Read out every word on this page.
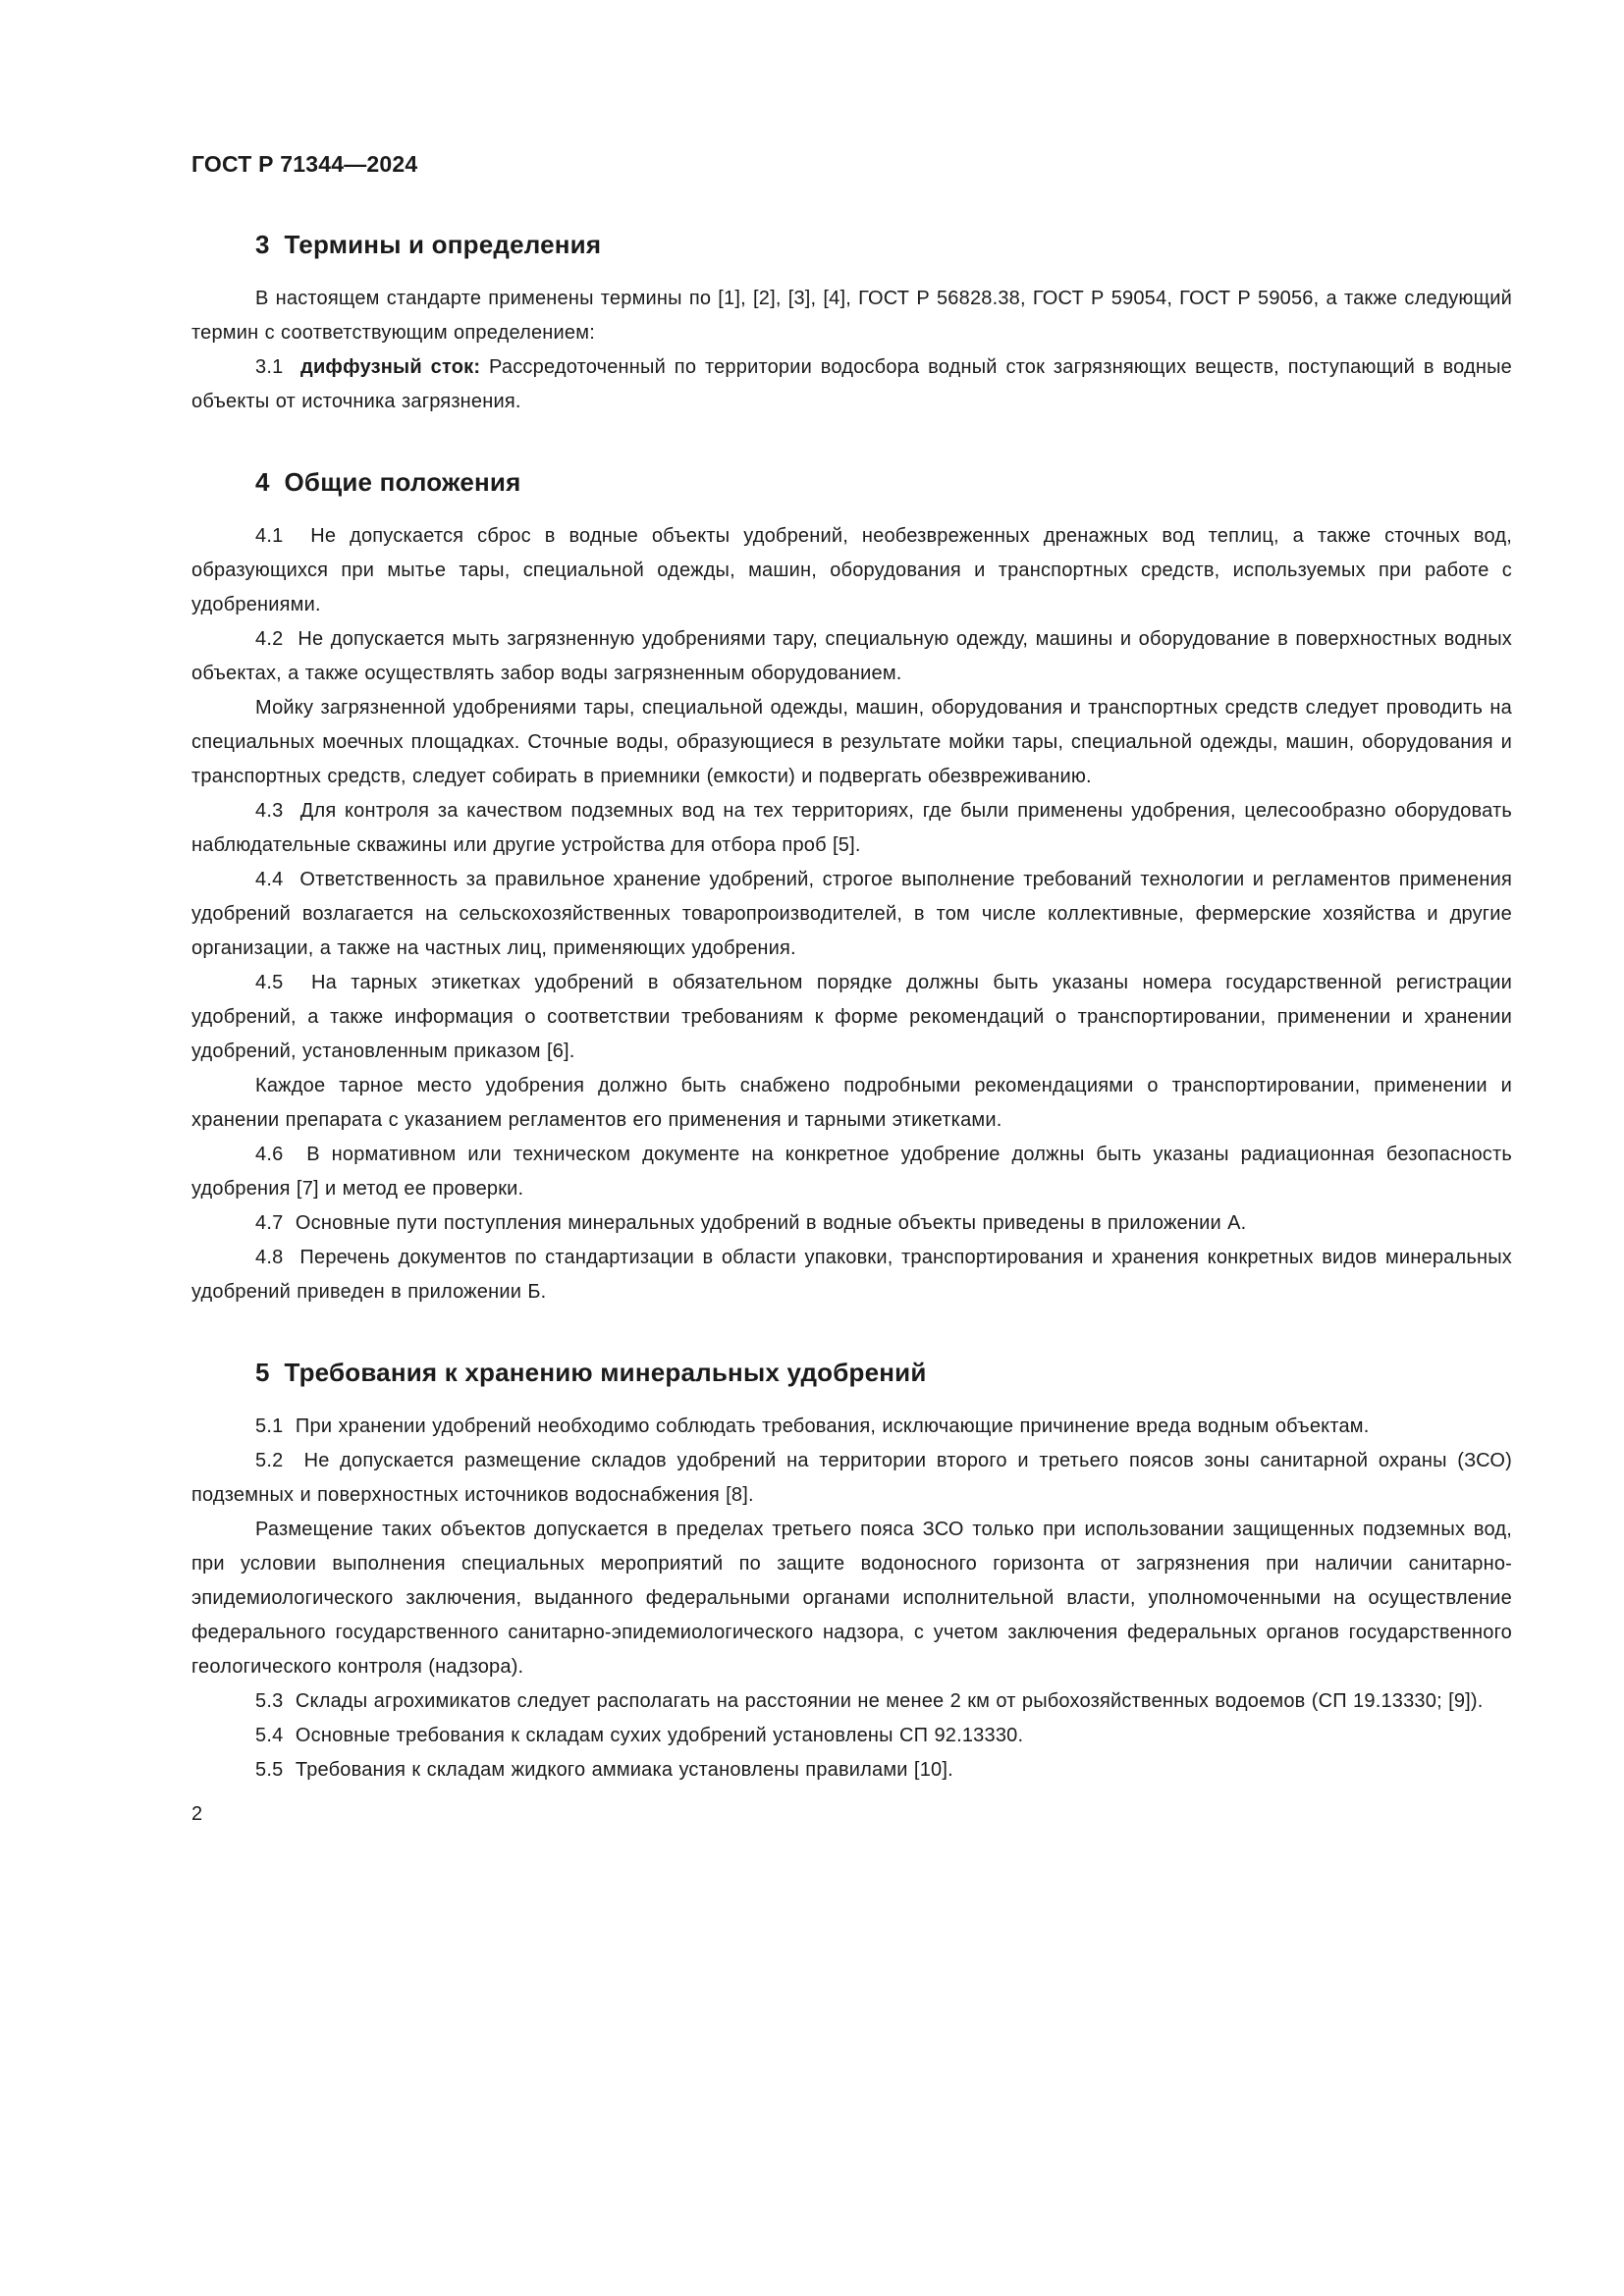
ГОСТ Р 71344—2024
3  Термины и определения

В настоящем стандарте применены термины по [1], [2], [3], [4], ГОСТ Р 56828.38, ГОСТ Р 59054, ГОСТ Р 59056, а также следующий термин с соответствующим определением:

3.1  диффузный сток: Рассредоточенный по территории водосбора водный сток загрязняющих веществ, поступающий в водные объекты от источника загрязнения.

4  Общие положения

4.1  Не допускается сброс в водные объекты удобрений, необезвреженных дренажных вод теплиц, а также сточных вод, образующихся при мытье тары, специальной одежды, машин, оборудования и транспортных средств, используемых при работе с удобрениями.

4.2  Не допускается мыть загрязненную удобрениями тару, специальную одежду, машины и оборудование в поверхностных водных объектах, а также осуществлять забор воды загрязненным оборудованием.

Мойку загрязненной удобрениями тары, специальной одежды, машин, оборудования и транспортных средств следует проводить на специальных моечных площадках. Сточные воды, образующиеся в результате мойки тары, специальной одежды, машин, оборудования и транспортных средств, следует собирать в приемники (емкости) и подвергать обезвреживанию.

4.3  Для контроля за качеством подземных вод на тех территориях, где были применены удобрения, целесообразно оборудовать наблюдательные скважины или другие устройства для отбора проб [5].

4.4  Ответственность за правильное хранение удобрений, строгое выполнение требований технологии и регламентов применения удобрений возлагается на сельскохозяйственных товаропроизводителей, в том числе коллективные, фермерские хозяйства и другие организации, а также на частных лиц, применяющих удобрения.

4.5  На тарных этикетках удобрений в обязательном порядке должны быть указаны номера государственной регистрации удобрений, а также информация о соответствии требованиям к форме рекомендаций о транспортировании, применении и хранении удобрений, установленным приказом [6].

Каждое тарное место удобрения должно быть снабжено подробными рекомендациями о транспортировании, применении и хранении препарата с указанием регламентов его применения и тарными этикетками.

4.6  В нормативном или техническом документе на конкретное удобрение должны быть указаны радиационная безопасность удобрения [7] и метод ее проверки.

4.7  Основные пути поступления минеральных удобрений в водные объекты приведены в приложении А.

4.8  Перечень документов по стандартизации в области упаковки, транспортирования и хранения конкретных видов минеральных удобрений приведен в приложении Б.

5  Требования к хранению минеральных удобрений

5.1  При хранении удобрений необходимо соблюдать требования, исключающие причинение вреда водным объектам.

5.2  Не допускается размещение складов удобрений на территории второго и третьего поясов зоны санитарной охраны (ЗСО) подземных и поверхностных источников водоснабжения [8].

Размещение таких объектов допускается в пределах третьего пояса ЗСО только при использовании защищенных подземных вод, при условии выполнения специальных мероприятий по защите водоносного горизонта от загрязнения при наличии санитарно-эпидемиологического заключения, выданного федеральными органами исполнительной власти, уполномоченными на осуществление федерального государственного санитарно-эпидемиологического надзора, с учетом заключения федеральных органов государственного геологического контроля (надзора).

5.3  Склады агрохимикатов следует располагать на расстоянии не менее 2 км от рыбохозяйственных водоемов (СП 19.13330; [9]).

5.4  Основные требования к складам сухих удобрений установлены СП 92.13330.

5.5  Требования к складам жидкого аммиака установлены правилами [10].

2
